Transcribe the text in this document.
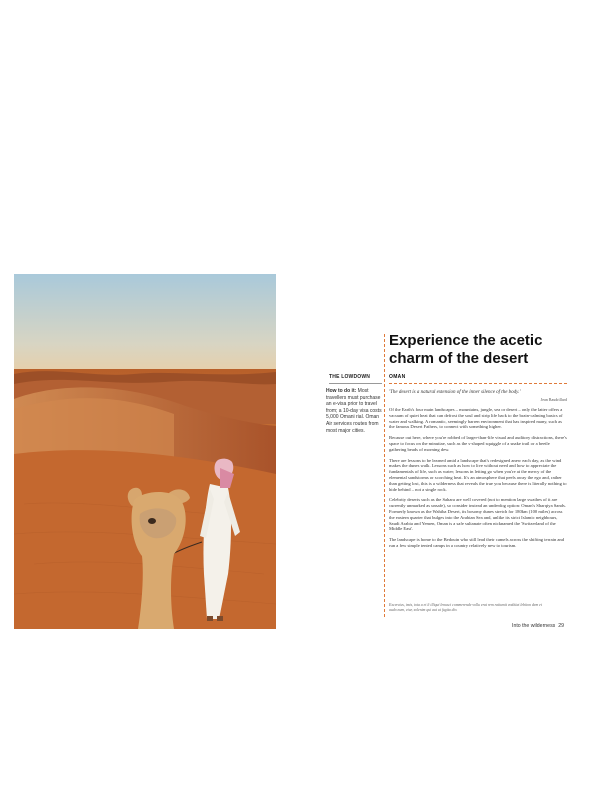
THE LOWDOWN
How to do it: Most travellers must purchase an e-visa prior to travel from; a 10-day visa costs 5,000 Omani rial. Oman Air services routes from most major cities.
Experience the acetic charm of the desert
OMAN
'The desert is a natural extension of the inner silence of the body.'
Jean Baudrillard

Of the Earth's four main landscapes – mountains, jungle, sea or desert – only the latter offers a vacuum of quiet heat that can defrost the soul and strip life back to the brain-calming basics of water and walking. A romantic, seemingly barren environment that has inspired many, such as the famous Desert Fathers, to connect with something higher.

Because out here, where you're robbed of larger-than-life visual and auditory distractions, there's space to focus on the minutiae, such as the s-shaped squiggle of a snake trail or a beetle gathering beads of morning dew.

There are lessons to be learned amid a landscape that's redesigned anew each day, as the wind makes the dunes walk. Lessons such as how to live without need and how to appreciate the fundamentals of life, such as water; lessons in letting go when you're at the mercy of the elemental sandstorms or scorching heat. It's an atmosphere that peels away the ego and, rather than getting lost, this is a wilderness that reveals the true you because there is literally nothing to hide behind – not a single rock.

Celebrity deserts such as the Sahara are well covered (not to mention large swathes of it are currently unmarked as unsafe), so consider instead an underdog option: Oman's Sharqiya Sands. Formerly known as the Wahiba Desert, its bosomy dunes stretch for 180km (100 miles) across the eastern quarter that bulges into the Arabian Sea and, unlike its strict Islamic neighbours, Saudi Arabia and Yemen, Oman is a safe sultanate often nicknamed the 'Switzerland of the Middle East'.

The landscape is home to the Bedouin who still lead their camels across the shifting terrain and run a few simple tented camps in a country relatively new to tourism.

Excercius, imis, tota a et li illiqui lenusci commerende vollu erat rem ratiumit voditiat lebiton dem et audo num, etur, solenim qui aut ut fugita dio.
Into the wilderness 29
